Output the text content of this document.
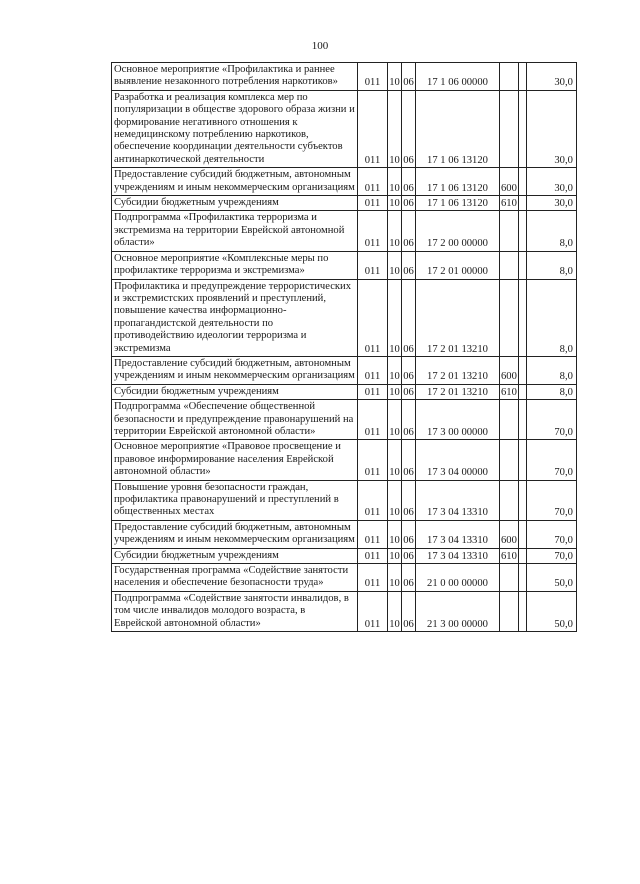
100
Основное мероприятие «Профилактика и раннее выявление незаконного потребления наркотиков»	011	10	06	17 1 06 00000			30,0
Разработка и реализация комплекса мер по популяризации в обществе здорового образа жизни и формирование негативного отношения к немедицинскому потреблению наркотиков, обеспечение координации деятельности субъектов антинаркотической деятельности	011	10	06	17 1 06 13120			30,0
Предоставление субсидий бюджетным, автономным учреждениям и иным некоммерческим организациям	011	10	06	17 1 06 13120	600		30,0
Субсидии бюджетным учреждениям	011	10	06	17 1 06 13120	610		30,0
Подпрограмма «Профилактика терроризма и экстремизма на территории Еврейской автономной области»	011	10	06	17 2 00 00000			8,0
Основное мероприятие «Комплексные меры по профилактике терроризма и экстремизма»	011	10	06	17 2 01 00000			8,0
Профилактика и предупреждение террористических и экстремистских проявлений и преступлений, повышение качества информационно-пропагандистской деятельности по противодействию идеологии терроризма и экстремизма	011	10	06	17 2 01 13210			8,0
Предоставление субсидий бюджетным, автономным учреждениям и иным некоммерческим организациям	011	10	06	17 2 01 13210	600		8,0
Субсидии бюджетным учреждениям	011	10	06	17 2 01 13210	610		8,0
Подпрограмма «Обеспечение общественной безопасности и предупреждение правонарушений на территории Еврейской автономной области»	011	10	06	17 3 00 00000			70,0
Основное мероприятие «Правовое просвещение и правовое информирование населения Еврейской автономной области»	011	10	06	17 3 04 00000			70,0
Повышение уровня безопасности граждан, профилактика правонарушений и преступлений в общественных местах	011	10	06	17 3 04 13310			70,0
Предоставление субсидий бюджетным, автономным учреждениям и иным некоммерческим организациям	011	10	06	17 3 04 13310	600		70,0
Субсидии бюджетным учреждениям	011	10	06	17 3 04 13310	610		70,0
Государственная программа «Содействие занятости населения и обеспечение безопасности труда»	011	10	06	21 0 00 00000			50,0
Подпрограмма «Содействие занятости инвалидов, в том числе инвалидов молодого возраста, в Еврейской автономной области»	011	10	06	21 3 00 00000			50,0
